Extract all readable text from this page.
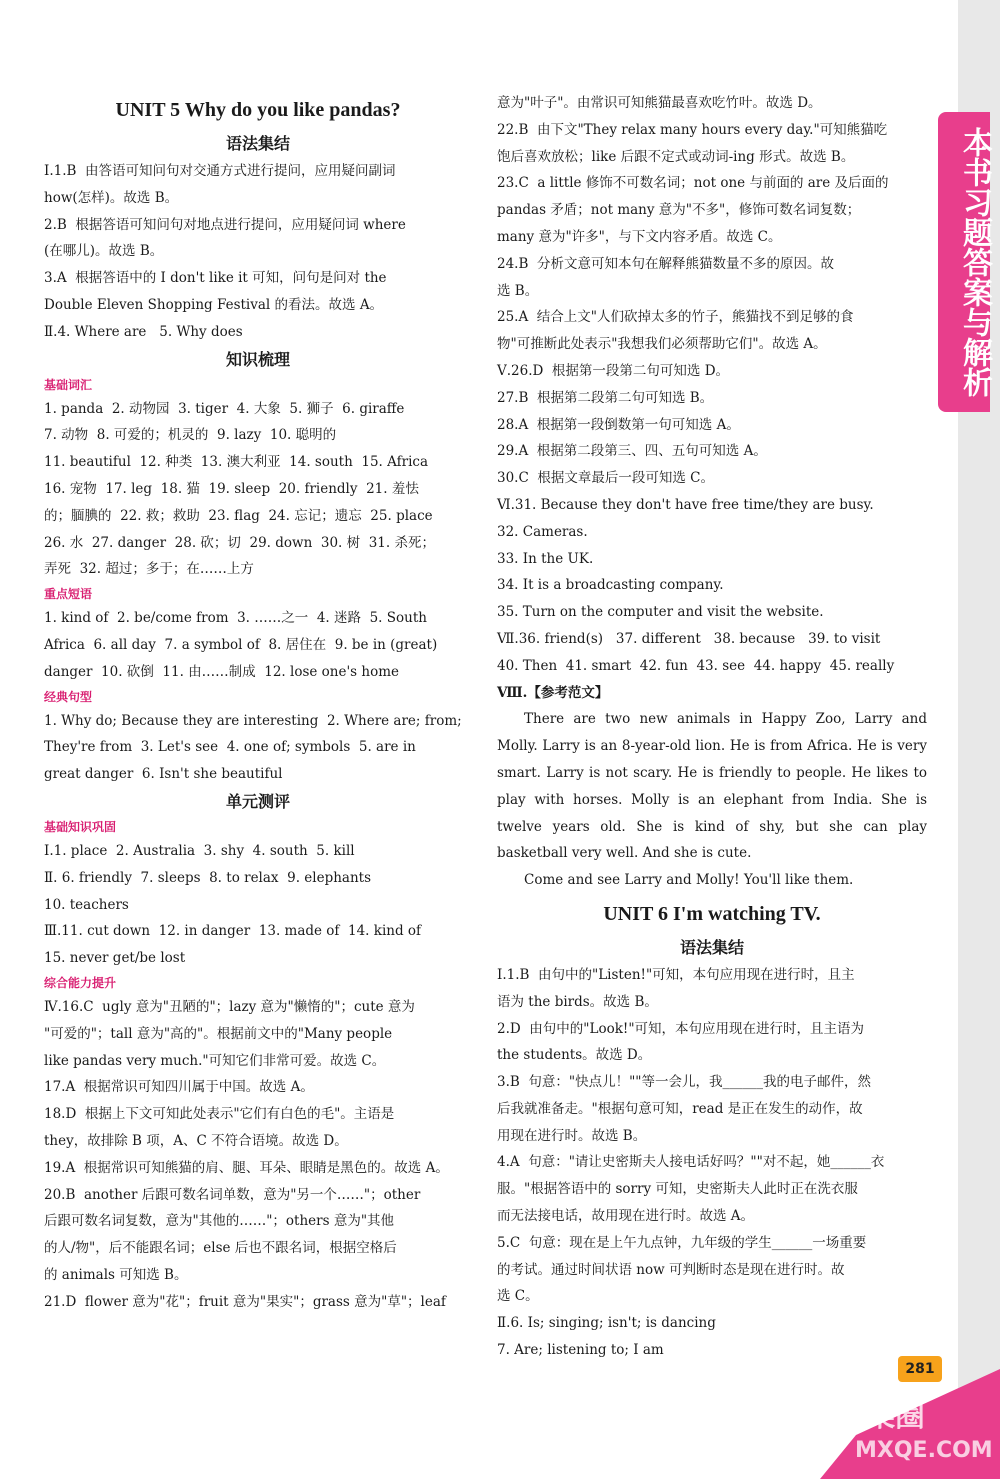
本书习题答案与解析
UNIT 5 Why do you like pandas?
语法集结
Ⅰ.1.B  由答语可知问句对交通方式进行提问，应用疑问副词
how(怎样)。故选 B。
2.B  根据答语可知问句对地点进行提问，应用疑问词 where
(在哪儿)。故选 B。
3.A  根据答语中的 I don't like it 可知，问句是问对 the
Double Eleven Shopping Festival 的看法。故选 A。
Ⅱ.4. Where are   5. Why does
知识梳理
基础词汇
1. panda  2. 动物园  3. tiger  4. 大象  5. 狮子  6. giraffe
7. 动物  8. 可爱的；机灵的  9. lazy  10. 聪明的
11. beautiful  12. 种类  13. 澳大利亚  14. south  15. Africa
16. 宠物  17. leg  18. 猫  19. sleep  20. friendly  21. 羞怯
的；腼腆的  22. 救；救助  23. flag  24. 忘记；遗忘  25. place
26. 水  27. danger  28. 砍；切  29. down  30. 树  31. 杀死；
弄死  32. 超过；多于；在……上方
重点短语
1. kind of  2. be/come from  3. ……之一  4. 迷路  5. South
Africa  6. all day  7. a symbol of  8. 居住在  9. be in (great)
danger  10. 砍倒  11. 由……制成  12. lose one's home
经典句型
1. Why do; Because they are interesting  2. Where are; from;
They're from  3. Let's see  4. one of; symbols  5. are in
great danger  6. Isn't she beautiful
单元测评
基础知识巩固
Ⅰ.1. place  2. Australia  3. shy  4. south  5. kill
Ⅱ. 6. friendly  7. sleeps  8. to relax  9. elephants
10. teachers
Ⅲ.11. cut down  12. in danger  13. made of  14. kind of
15. never get/be lost
综合能力提升
Ⅳ.16.C  ugly 意为"丑陋的"；lazy 意为"懒惰的"；cute 意为
"可爱的"；tall 意为"高的"。根据前文中的"Many people
like pandas very much."可知它们非常可爱。故选 C。
17.A  根据常识可知四川属于中国。故选 A。
18.D  根据上下文可知此处表示"它们有白色的毛"。主语是
they，故排除 B 项，A、C 不符合语境。故选 D。
19.A  根据常识可知熊猫的肩、腿、耳朵、眼睛是黑色的。故选 A。
20.B  another 后跟可数名词单数，意为"另一个……"；other
后跟可数名词复数，意为"其他的……"；others 意为"其他
的人/物"，后不能跟名词；else 后也不跟名词，根据空格后
的 animals 可知选 B。
21.D  flower 意为"花"；fruit 意为"果实"；grass 意为"草"；leaf
意为"叶子"。由常识可知熊猫最喜欢吃竹叶。故选 D。
22.B  由下文"They relax many hours every day."可知熊猫吃
饱后喜欢放松；like 后跟不定式或动词-ing 形式。故选 B。
23.C  a little 修饰不可数名词；not one 与前面的 are 及后面的
pandas 矛盾；not many 意为"不多"，修饰可数名词复数；
many 意为"许多"，与下文内容矛盾。故选 C。
24.B  分析文意可知本句在解释熊猫数量不多的原因。故
选 B。
25.A  结合上文"人们砍掉太多的竹子，熊猫找不到足够的食
物"可推断此处表示"我想我们必须帮助它们"。故选 A。
Ⅴ.26.D  根据第一段第二句可知选 D。
27.B  根据第二段第二句可知选 B。
28.A  根据第一段倒数第一句可知选 A。
29.A  根据第二段第三、四、五句可知选 A。
30.C  根据文章最后一段可知选 C。
Ⅵ.31. Because they don't have free time/they are busy.
32. Cameras.
33. In the UK.
34. It is a broadcasting company.
35. Turn on the computer and visit the website.
Ⅶ.36. friend(s)   37. different   38. because   39. to visit
40. Then  41. smart  42. fun  43. see  44. happy  45. really
Ⅷ.【参考范文】
There are two new animals in Happy Zoo, Larry and Molly. Larry is an 8-year-old lion. He is from Africa. He is very smart. Larry is not scary. He is friendly to people. He likes to play with horses. Molly is an elephant from India. She is twelve years old. She is kind of shy, but she can play basketball very well. And she is cute.
Come and see Larry and Molly! You'll like them.
UNIT 6 I'm watching TV.
语法集结
Ⅰ.1.B  由句中的"Listen!"可知，本句应用现在进行时，且主
语为 the birds。故选 B。
2.D  由句中的"Look!"可知，本句应用现在进行时，且主语为
the students。故选 D。
3.B  句意："快点儿！""等一会儿，我______我的电子邮件，然
后我就准备走。"根据句意可知，read 是正在发生的动作，故
用现在进行时。故选 B。
4.A  句意："请让史密斯夫人接电话好吗？""对不起，她______衣
服。"根据答语中的 sorry 可知，史密斯夫人此时正在洗衣服
而无法接电话，故用现在进行时。故选 A。
5.C  句意：现在是上午九点钟，九年级的学生______一场重要
的考试。通过时间状语 now 可判断时态是现在进行时。故
选 C。
Ⅱ.6. Is; singing; isn't; is dancing
7. Are; listening to; I am
281
答案圈
MXQE.COM
